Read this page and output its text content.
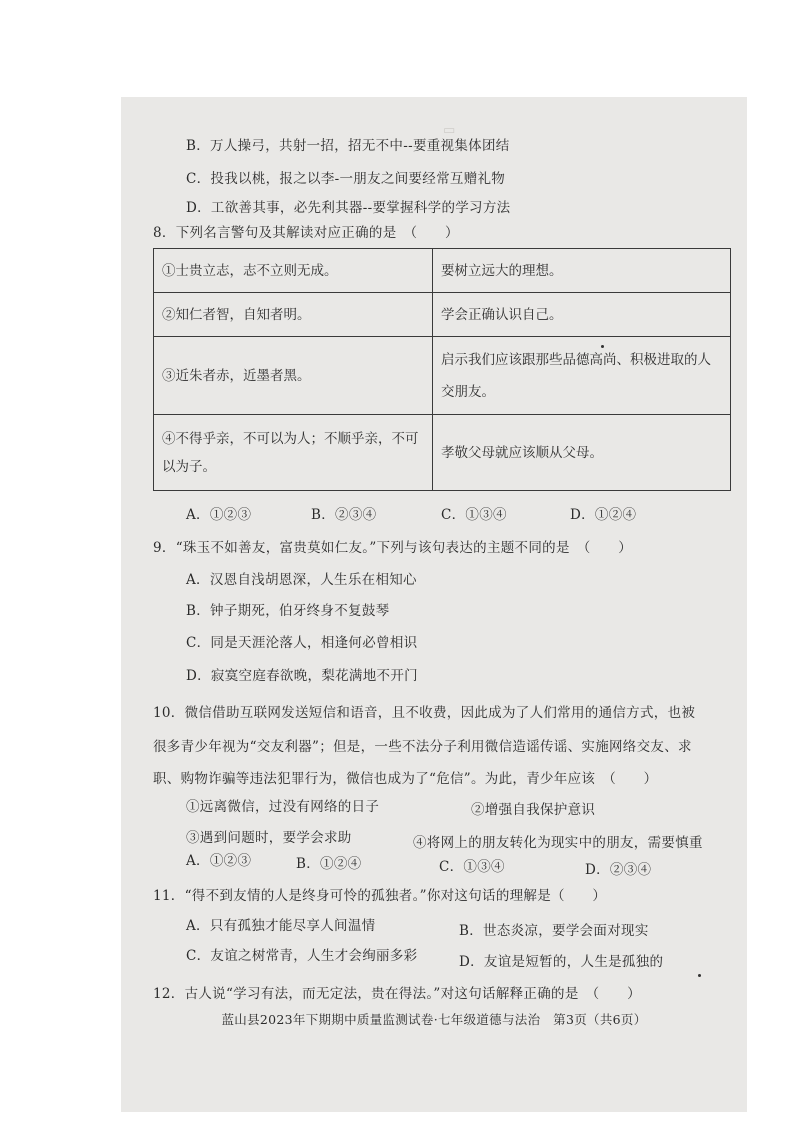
▭
B．万人操弓，共射一招，招无不中--要重视集体团结
C．投我以桃，报之以李-一朋友之间要经常互赠礼物
D．工欲善其事，必先利其器--要掌握科学的学习方法
8．下列名言警句及其解读对应正确的是　（　　）
①士贵立志，志不立则无成。	要树立远大的理想。
②知仁者智，自知者明。	学会正确认识自己。
③近朱者赤，近墨者黑。	启示我们应该跟那些品德高尚、积极进取的人交朋友。
④不得乎亲，不可以为人；不顺乎亲，不可以为子。	孝敬父母就应该顺从父母。
A．①②③	B．②③④	C．①③④	D．①②④
9．“珠玉不如善友，富贵莫如仁友。”下列与该句表达的主题不同的是　（　　）
A．汉恩自浅胡恩深，人生乐在相知心
B．钟子期死，伯牙终身不复鼓琴
C．同是天涯沦落人，相逢何必曾相识
D．寂寞空庭春欲晚，梨花满地不开门
10．微信借助互联网发送短信和语音，且不收费，因此成为了人们常用的通信方式，也被
很多青少年视为“交友利器”；但是，一些不法分子利用微信造谣传谣、实施网络交友、求
职、购物诈骗等违法犯罪行为，微信也成为了“危信”。为此，青少年应该　（　　）
①远离微信，过没有网络的日子	②增强自我保护意识
③遇到问题时，要学会求助	④将网上的朋友转化为现实中的朋友，需要慎重
A．①②③	B．①②④	C．①③④	D．②③④
11．“得不到友情的人是终身可怜的孤独者。”你对这句话的理解是（　　）
A．只有孤独才能尽享人间温情	B．世态炎凉，要学会面对现实
C．友谊之树常青，人生才会绚丽多彩	D．友谊是短暂的，人生是孤独的
12．古人说“学习有法，而无定法，贵在得法。”对这句话解释正确的是　（　　）
蓝山县2023年下期期中质量监测试卷·七年级道德与法治　第3页（共6页）
